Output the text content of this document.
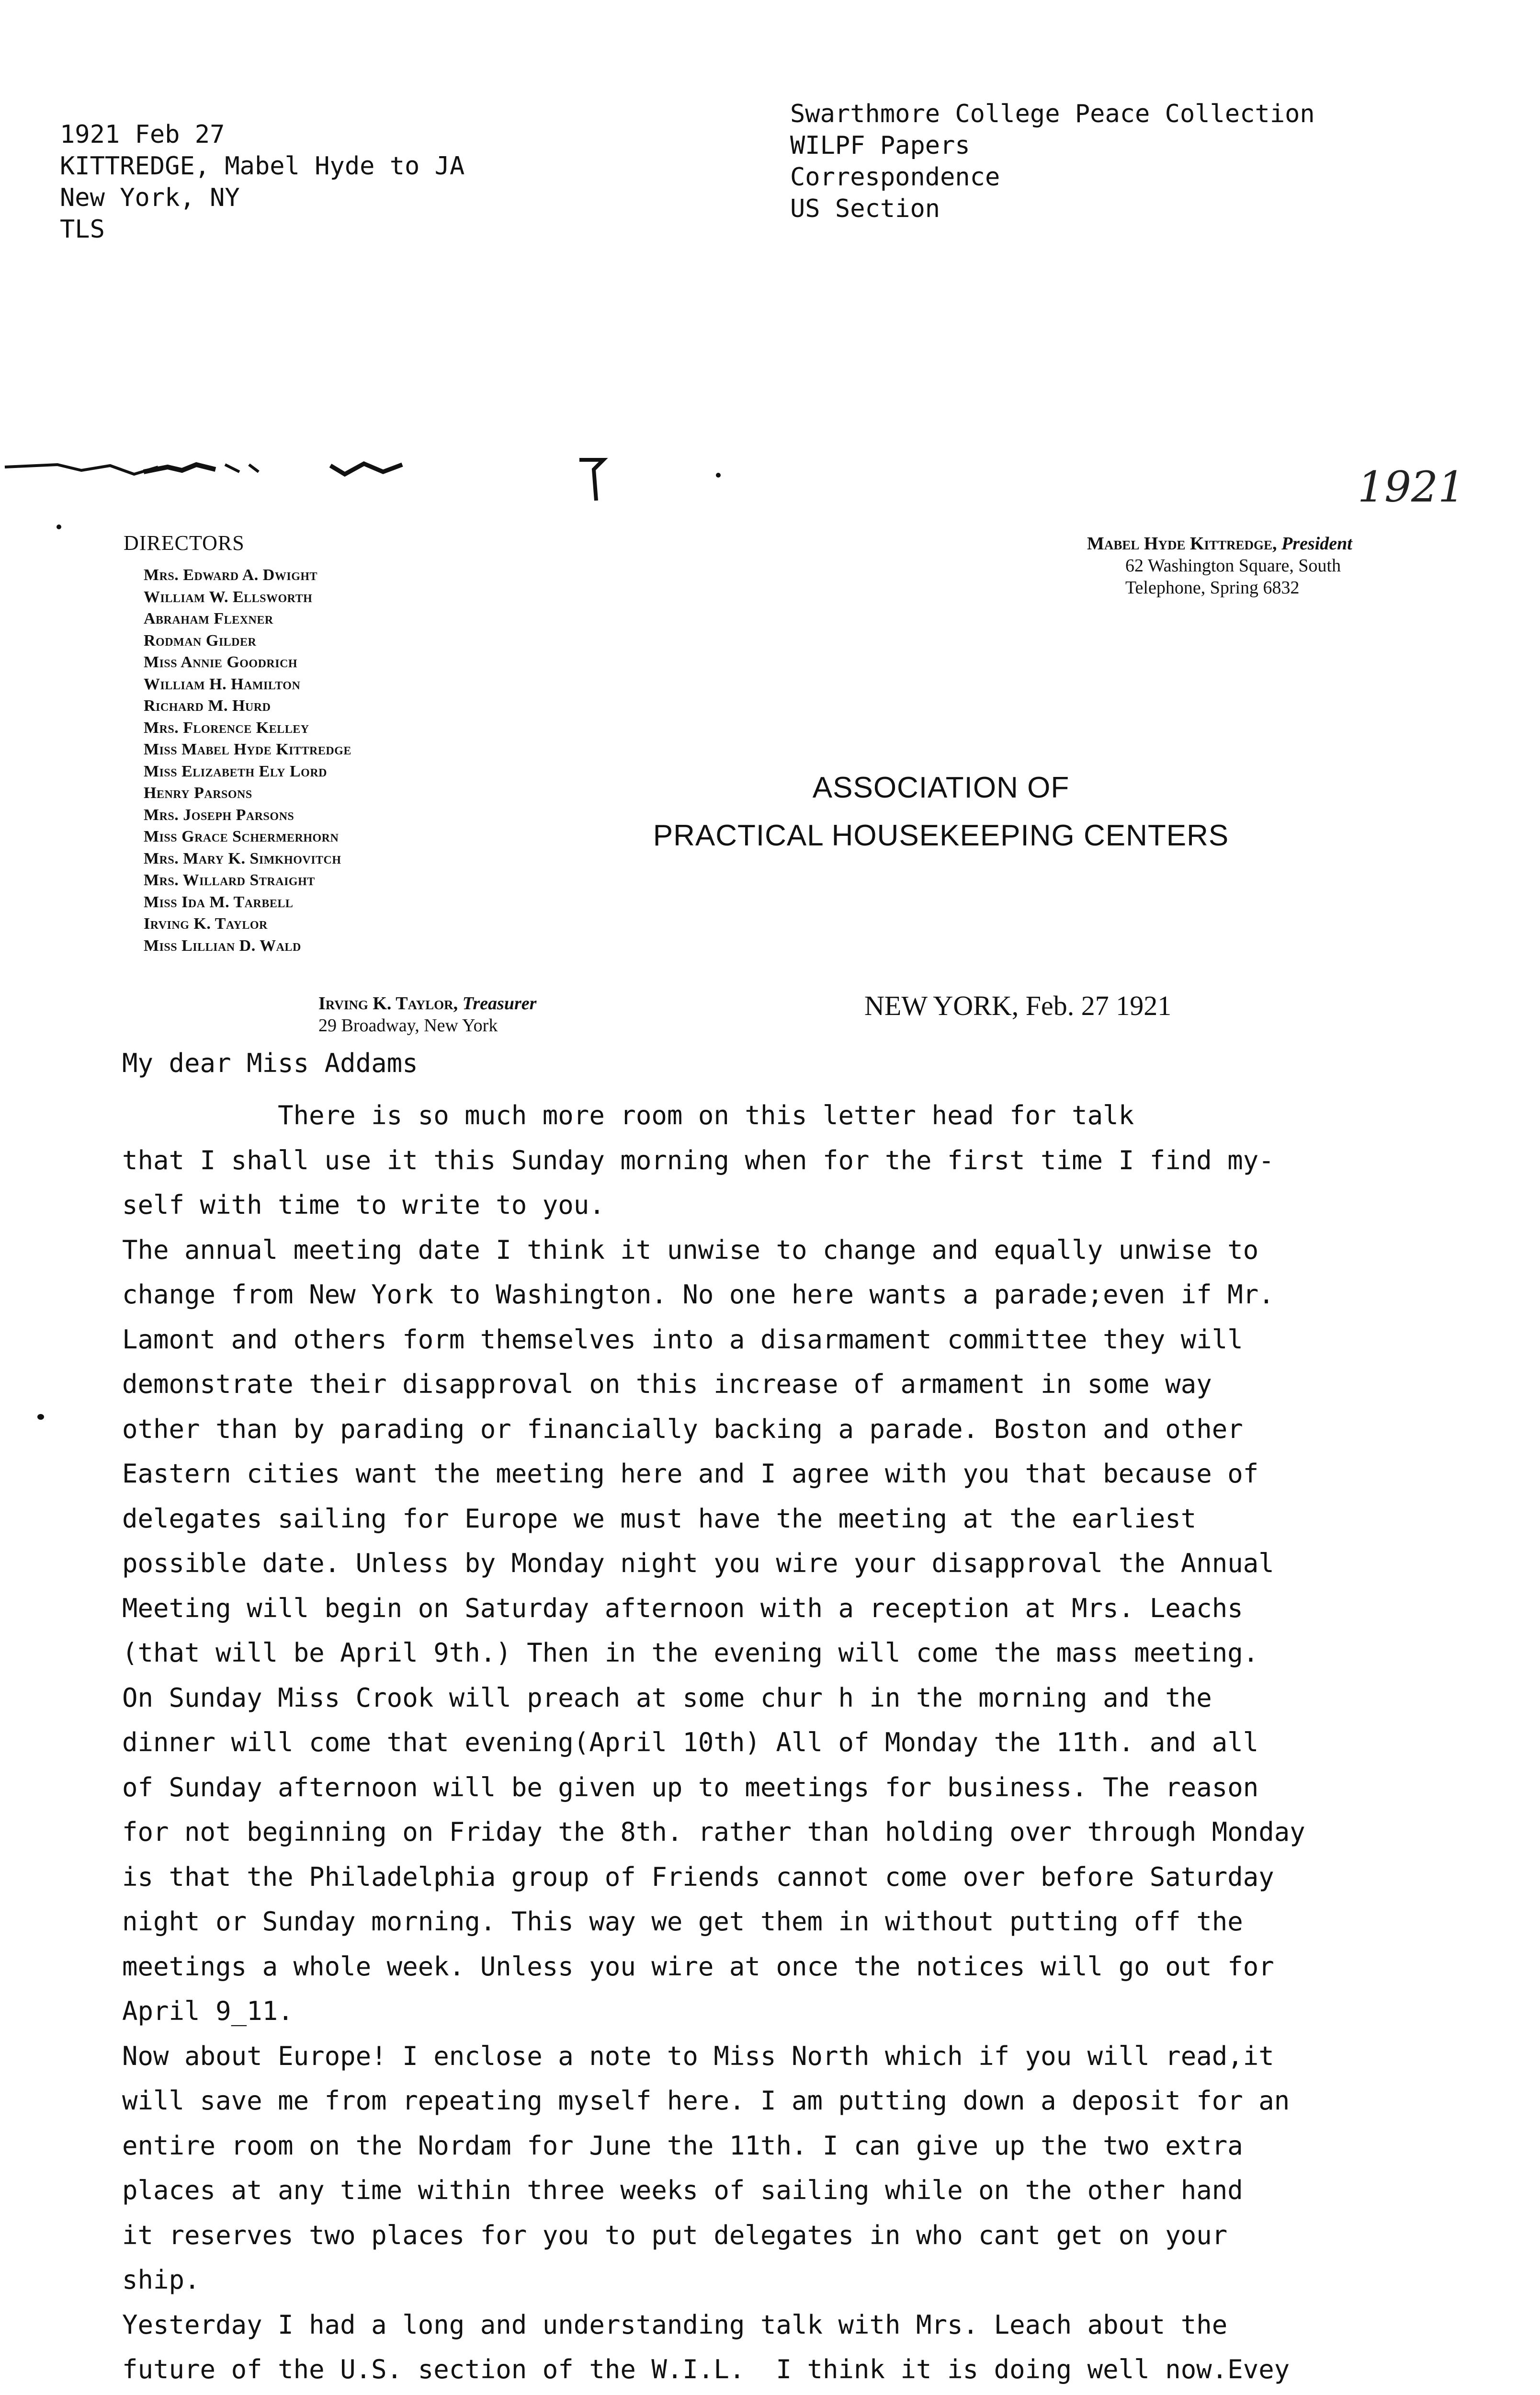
1921 Feb 27
KITTREDGE, Mabel Hyde to JA
New York, NY
TLS
Swarthmore College Peace Collection
WILPF Papers
Correspondence
US Section
1921
DIRECTORS
Mrs. Edward A. Dwight
William W. Ellsworth
Abraham Flexner
Rodman Gilder
Miss Annie Goodrich
William H. Hamilton
Richard M. Hurd
Mrs. Florence Kelley
Miss Mabel Hyde Kittredge
Miss Elizabeth Ely Lord
Henry Parsons
Mrs. Joseph Parsons
Miss Grace Schermerhorn
Mrs. Mary K. Simkhovitch
Mrs. Willard Straight
Miss Ida M. Tarbell
Irving K. Taylor
Miss Lillian D. Wald
Mabel Hyde Kittredge, President
62 Washington Square, South
Telephone, Spring 6832
ASSOCIATION OF
PRACTICAL HOUSEKEEPING CENTERS
Irving K. Taylor, Treasurer
29 Broadway, New York
NEW YORK, Feb. 27 1921
My dear Miss Addams
There is so much more room on this letter head for talk
that I shall use it this Sunday morning when for the first time I find my-
self with time to write to you.
The annual meeting date I think it unwise to change and equally unwise to
change from New York to Washington. No one here wants a parade;even if Mr.
Lamont and others form themselves into a disarmament committee they will
demonstrate their disapproval on this increase of armament in some way
other than by parading or financially backing a parade. Boston and other
Eastern cities want the meeting here and I agree with you that because of
delegates sailing for Europe we must have the meeting at the earliest
possible date. Unless by Monday night you wire your disapproval the Annual
Meeting will begin on Saturday afternoon with a reception at Mrs. Leachs
(that will be April 9th.) Then in the evening will come the mass meeting.
On Sunday Miss Crook will preach at some chur h in the morning and the
dinner will come that evening(April 10th) All of Monday the 11th. and all
of Sunday afternoon will be given up to meetings for business. The reason
for not beginning on Friday the 8th. rather than holding over through Monday
is that the Philadelphia group of Friends cannot come over before Saturday
night or Sunday morning. This way we get them in without putting off the
meetings a whole week. Unless you wire at once the notices will go out for
April 9_11.
Now about Europe! I enclose a note to Miss North which if you will read,it
will save me from repeating myself here. I am putting down a deposit for an
entire room on the Nordam for June the 11th. I can give up the two extra
places at any time within three weeks of sailing while on the other hand
it reserves two places for you to put delegates in who cant get on your
ship.
Yesterday I had a long and understanding talk with Mrs. Leach about the
future of the U.S. section of the W.I.L.  I think it is doing well now.Evey
